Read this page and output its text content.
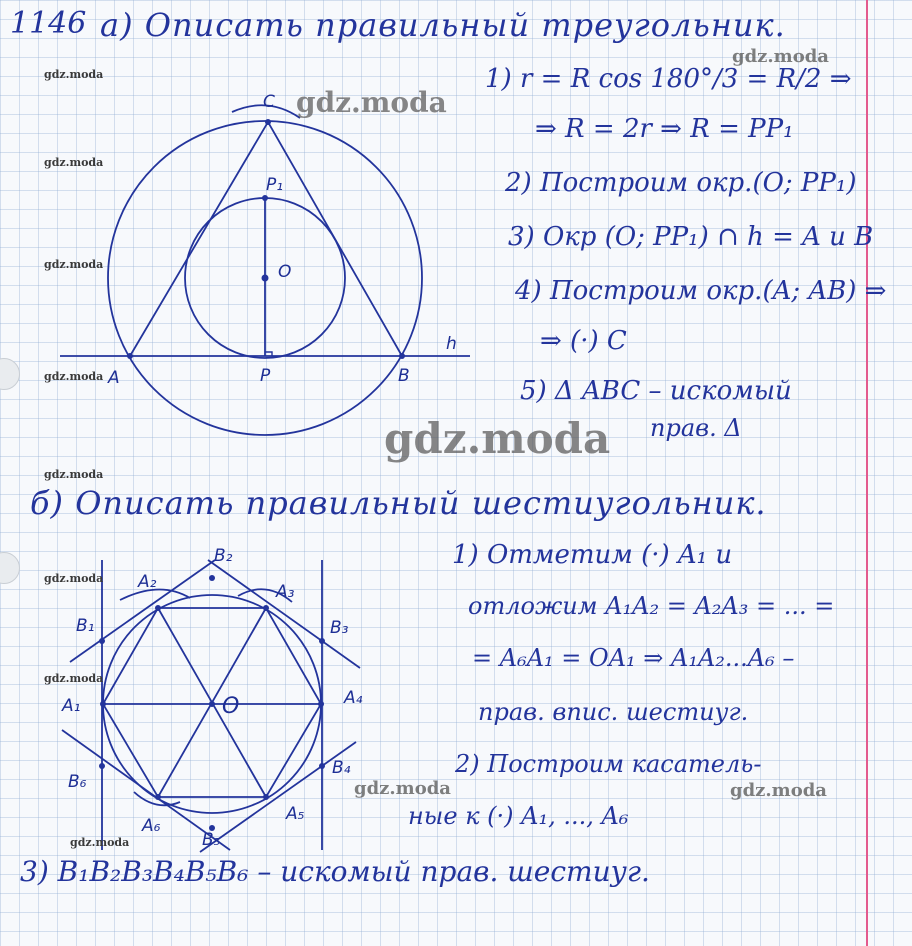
1146 а) Описать правильный треугольник.
1) r = R cos 180°/3 = R/2 ⇒
⇒ R = 2r ⇒ R = PP₁
2) Построим окр.(O; PP₁)
3) Окр (O; PP₁) ∩ h = A и B
4) Построим окр.(A; AB) ⇒
⇒ (·) C
5) Δ ABC – искомый
прав. Δ
C
P₁
O
A	P	B
h
б) Описать правильный шестиугольник.
1) Отметим (·) A₁ и
отложим A₁A₂ = A₂A₃ = ... =
= A₆A₁ = OA₁ ⇒ A₁A₂...A₆ –
прав. впис. шестиуг.
2) Построим касатель-
ные к (·) A₁, ..., A₆
3) B₁B₂B₃B₄B₅B₆ – искомый прав. шестиуг.
A₂	A₃
A₁	A₄
A₅
A₆
B₁
B₂
B₃
B₄
B₅
B₆
O
gdz.moda
gdz.moda
gdz.moda
gdz.moda
gdz.moda
gdz.moda
gdz.moda
gdz.moda
gdz.moda
gdz.moda	gdz.moda
gdz.moda
gdz.moda
